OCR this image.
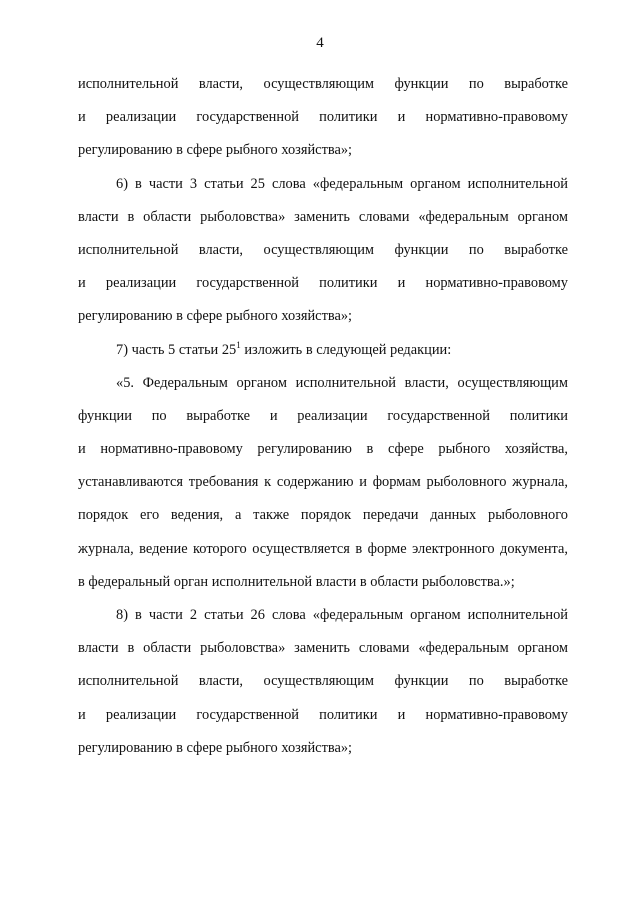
4
исполнительной власти, осуществляющим функции по выработке
и реализации государственной политики и нормативно-правовому
регулированию в сфере рыбного хозяйства»;
6) в части 3 статьи 25 слова «федеральным органом исполнительной
власти в области рыболовства» заменить словами «федеральным органом
исполнительной власти, осуществляющим функции по выработке
и реализации государственной политики и нормативно-правовому
регулированию в сфере рыбного хозяйства»;
7) часть 5 статьи $25^1$ изложить в следующей редакции:
«5. Федеральным органом исполнительной власти, осуществляющим
функции по выработке и реализации государственной политики
и нормативно-правовому регулированию в сфере рыбного хозяйства,
устанавливаются требования к содержанию и формам рыболовного журнала,
порядок его ведения, а также порядок передачи данных рыболовного
журнала, ведение которого осуществляется в форме электронного документа,
в федеральный орган исполнительной власти в области рыболовства.»;
8) в части 2 статьи 26 слова «федеральным органом исполнительной
власти в области рыболовства» заменить словами «федеральным органом
исполнительной власти, осуществляющим функции по выработке
и реализации государственной политики и нормативно-правовому
регулированию в сфере рыбного хозяйства»;
